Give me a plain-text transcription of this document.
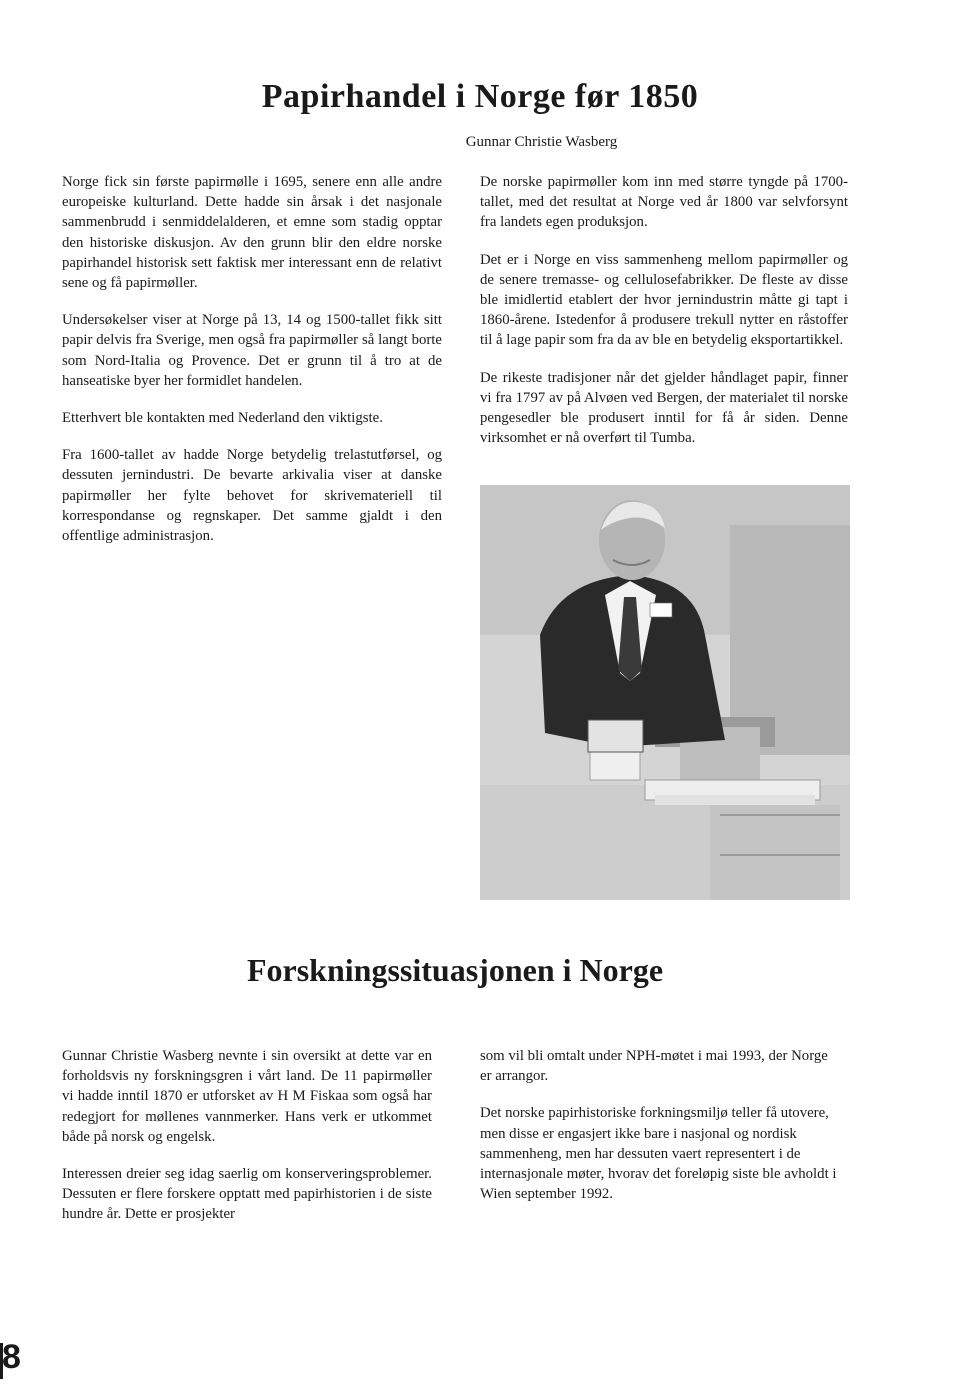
Papirhandel i Norge før 1850

Gunnar Christie Wasberg

Norge fick sin første papirmølle i 1695, senere enn alle andre europeiske kulturland. Dette hadde sin årsak i det nasjonale sammenbrudd i senmiddelalderen, et emne som stadig opptar den historiske diskusjon. Av den grunn blir den eldre norske papirhandel historisk sett faktisk mer interessant enn de relativt sene og få papirmøller.

Undersøkelser viser at Norge på 13, 14 og 1500-tallet fikk sitt papir delvis fra Sverige, men også fra papirmøller så langt borte som Nord-Italia og Provence. Det er grunn til å tro at de hanseatiske byer her formidlet handelen.

Etterhvert ble kontakten med Nederland den viktigste.

Fra 1600-tallet av hadde Norge betydelig trelastutførsel, og dessuten jernindustri. De bevarte arkivalia viser at danske papirmøller her fylte behovet for skrivemateriell til korrespondanse og regnskaper. Det samme gjaldt i den offentlige administrasjon.

De norske papirmøller kom inn med større tyngde på 1700-tallet, med det resultat at Norge ved år 1800 var selvforsynt fra landets egen produksjon.

Det er i Norge en viss sammenheng mellom papirmøller og de senere tremasse- og cellulosefabrikker. De fleste av disse ble imidlertid etablert der hvor jernindustrin måtte gi tapt i 1860-årene. Istedenfor å produsere trekull nytter en råstoffer til å lage papir som fra da av ble en betydelig eksportartikkel.

De rikeste tradisjoner når det gjelder håndlaget papir, finner vi fra 1797 av på Alvøen ved Bergen, der materialet til norske pengesedler ble produsert inntil for få år siden. Denne virksomhet er nå overført til Tumba.

Forskningssituasjonen i Norge

Gunnar Christie Wasberg nevnte i sin oversikt at dette var en forholdsvis ny forskningsgren i vårt land. De 11 papirmøller vi hadde inntil 1870 er utforsket av H M Fiskaa som også har redegjort for møllenes vannmerker. Hans verk er utkommet både på norsk og engelsk.

Interessen dreier seg idag saerlig om konserveringsproblemer. Dessuten er flere forskere opptatt med papirhistorien i de siste hundre år. Dette er prosjekter

som vil bli omtalt under NPH-møtet i mai 1993, der Norge er arrangor.

Det norske papirhistoriske forkningsmiljø teller få utovere, men disse er engasjert ikke bare i nasjonal og nordisk sammenheng, men har dessuten vaert representert i de internasjonale møter, hvorav det foreløpig siste ble avholdt i Wien september 1992.

8
